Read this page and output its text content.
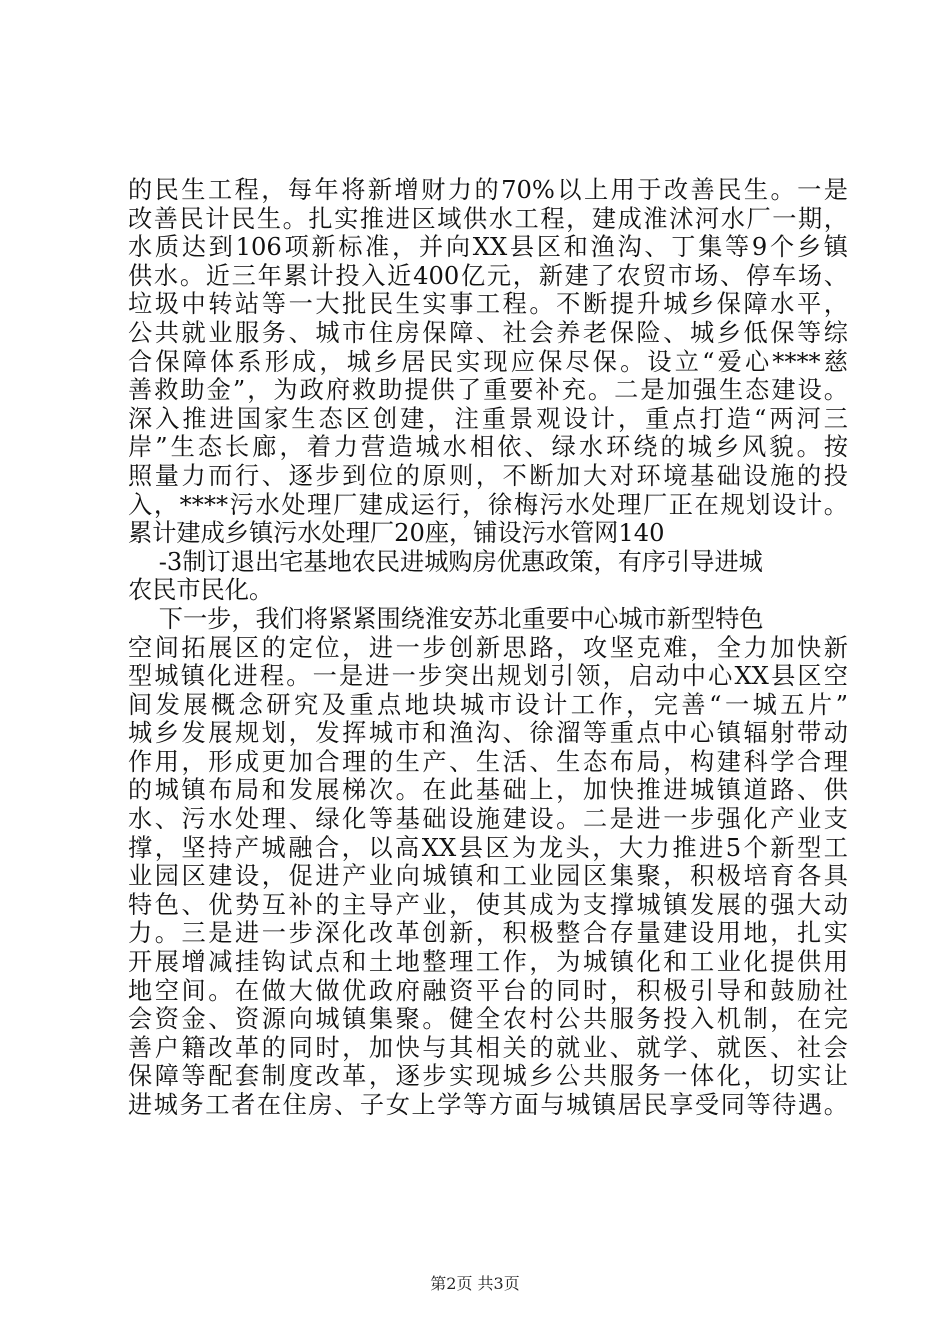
的民生工程，每年将新增财力的70%以上用于改善民生。一是
改善民计民生。扎实推进区域供水工程，建成淮沭河水厂一期，
水质达到106项新标准，并向XX县区和渔沟、丁集等9个乡镇
供水。近三年累计投入近400亿元，新建了农贸市场、停车场、
垃圾中转站等一大批民生实事工程。不断提升城乡保障水平，
公共就业服务、城市住房保障、社会养老保险、城乡低保等综
合保障体系形成，城乡居民实现应保尽保。设立“爱心****慈
善救助金”，为政府救助提供了重要补充。二是加强生态建设。
深入推进国家生态区创建，注重景观设计，重点打造“两河三
岸”生态长廊，着力营造城水相依、绿水环绕的城乡风貌。按
照量力而行、逐步到位的原则，不断加大对环境基础设施的投
入，****污水处理厂建成运行，徐梅污水处理厂正在规划设计。
累计建成乡镇污水处理厂20座，铺设污水管网140
-3制订退出宅基地农民进城购房优惠政策，有序引导进城
农民市民化。
下一步，我们将紧紧围绕淮安苏北重要中心城市新型特色
空间拓展区的定位，进一步创新思路，攻坚克难，全力加快新
型城镇化进程。一是进一步突出规划引领，启动中心XX县区空
间发展概念研究及重点地块城市设计工作，完善“一城五片”
城乡发展规划，发挥城市和渔沟、徐溜等重点中心镇辐射带动
作用，形成更加合理的生产、生活、生态布局，构建科学合理
的城镇布局和发展梯次。在此基础上，加快推进城镇道路、供
水、污水处理、绿化等基础设施建设。二是进一步强化产业支
撑，坚持产城融合，以高XX县区为龙头，大力推进5个新型工
业园区建设，促进产业向城镇和工业园区集聚，积极培育各具
特色、优势互补的主导产业，使其成为支撑城镇发展的强大动
力。三是进一步深化改革创新，积极整合存量建设用地，扎实
开展增减挂钩试点和土地整理工作，为城镇化和工业化提供用
地空间。在做大做优政府融资平台的同时，积极引导和鼓励社
会资金、资源向城镇集聚。健全农村公共服务投入机制，在完
善户籍改革的同时，加快与其相关的就业、就学、就医、社会
保障等配套制度改革，逐步实现城乡公共服务一体化，切实让
进城务工者在住房、子女上学等方面与城镇居民享受同等待遇。
第2页 共3页
